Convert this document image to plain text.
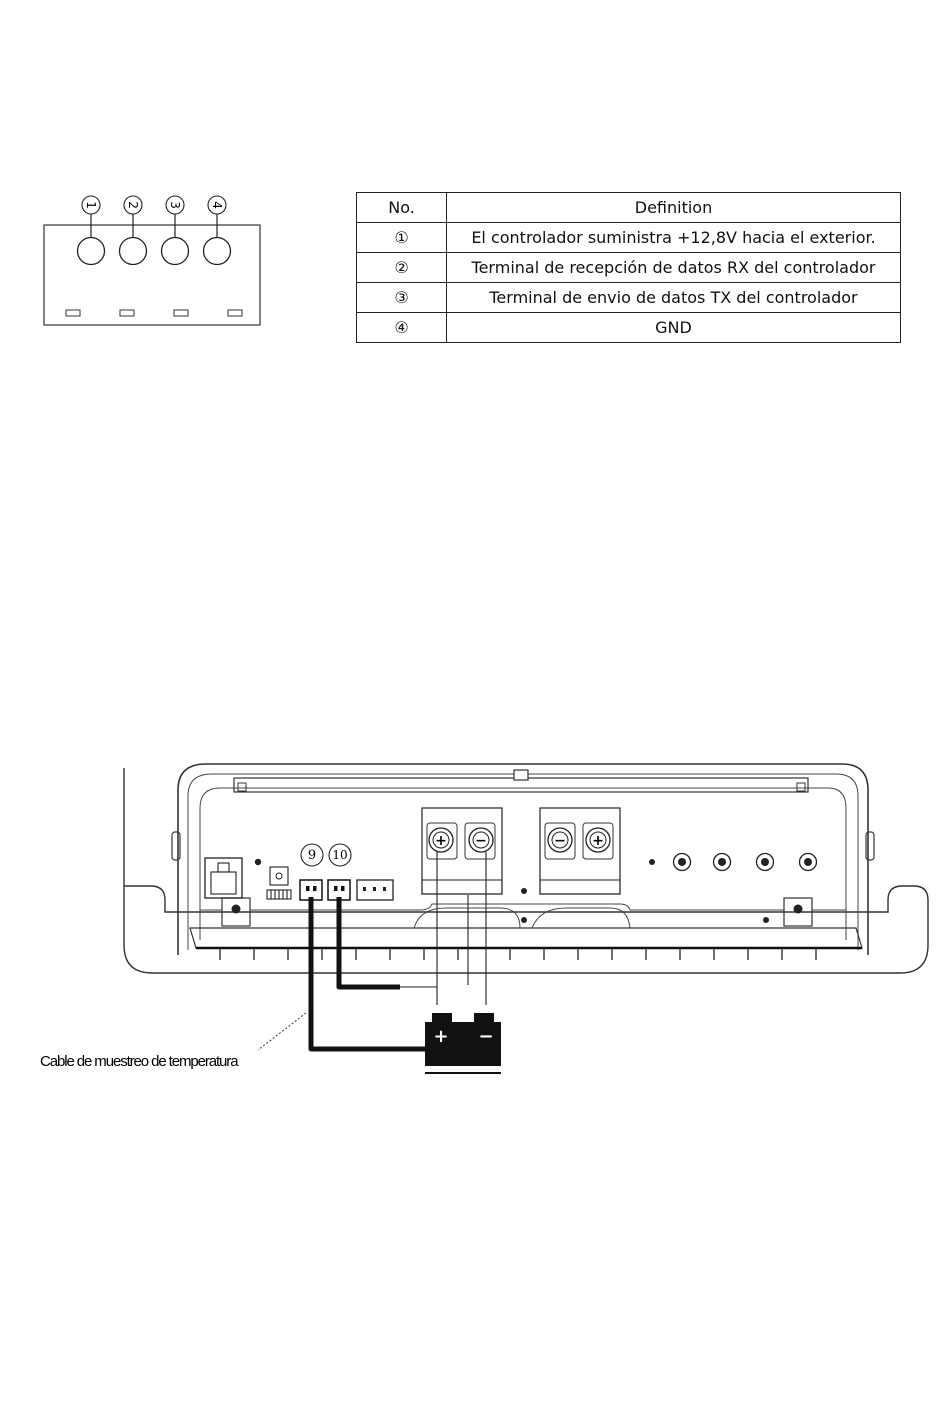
1 2 3 4	No.	Definition
①	El controlador suministra +12,8V hacia el exterior.
②	Terminal de recepción de datos RX del controlador
③	Terminal de envio de datos TX del controlador
④	GND
9 10
+ −	− +
+ −
Cable de muestreo de temperatura
